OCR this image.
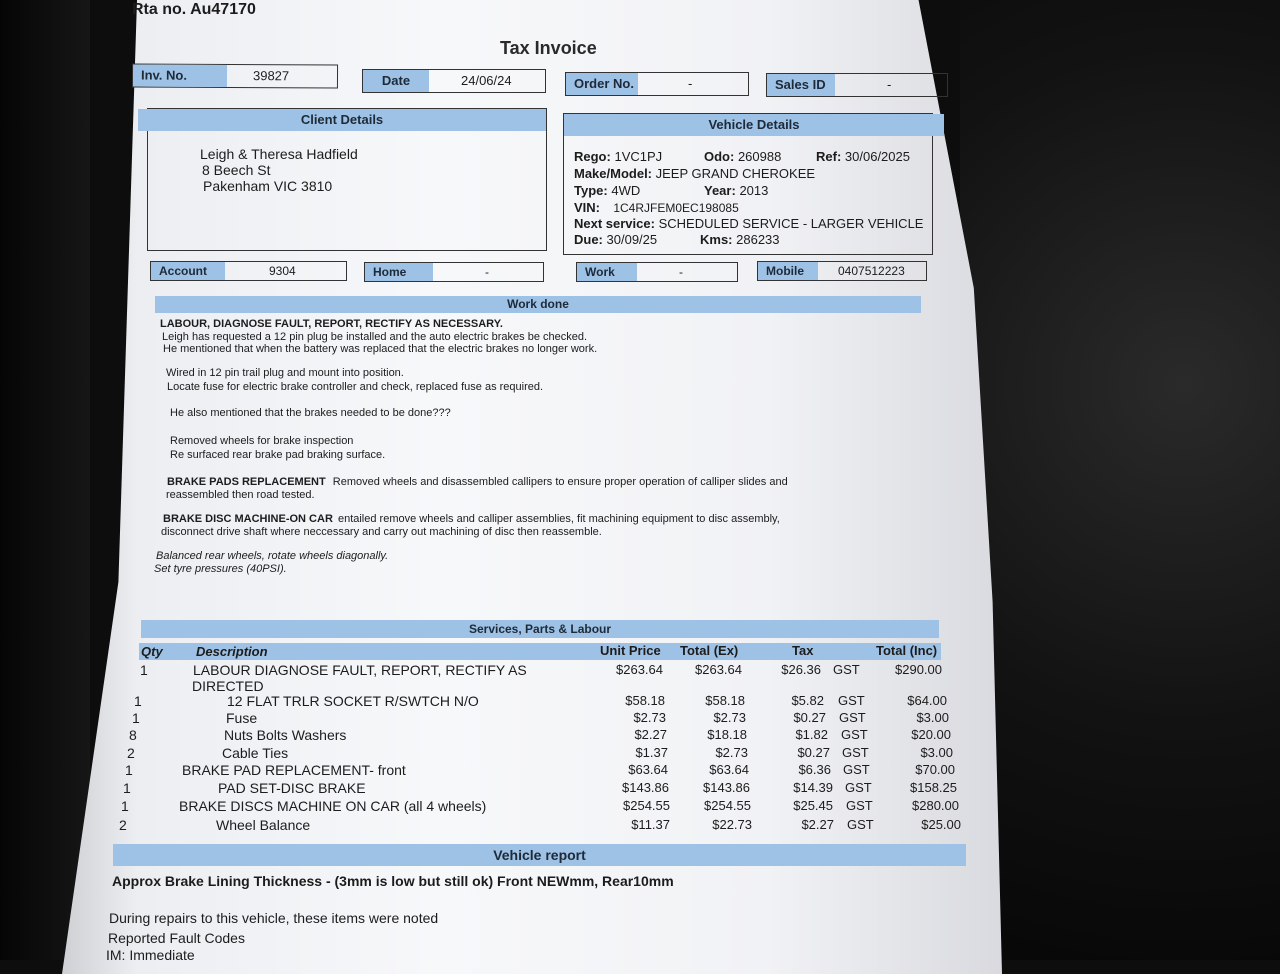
Rta no. Au47170
Tax Invoice
Inv. No.	39827	Date	24/06/24	Order No.	-	Sales ID	-
Client Details
Leigh & Theresa Hadfield
8 Beech St
Pakenham VIC 3810
Vehicle Details
Rego: 1VC1PJ	Odo: 260988	Ref: 30/06/2025
Make/Model: JEEP GRAND CHEROKEE
Type: 4WD	Year: 2013
VIN: 1C4RJFEM0EC198085
Next service: SCHEDULED SERVICE - LARGER VEHICLE
Due: 30/09/25	Kms: 286233
Account	9304	Home	-	Work	-	Mobile	0407512223
Work done
LABOUR, DIAGNOSE FAULT, REPORT, RECTIFY AS NECESSARY.
Leigh has requested a 12 pin plug be installed and the auto electric brakes be checked.
He mentioned that when the battery was replaced that the electric brakes no longer work.
Wired in 12 pin trail plug and mount into position.
Locate fuse for electric brake controller and check, replaced fuse as required.
He also mentioned that the brakes needed to be done???
Removed wheels for brake inspection
Re surfaced rear brake pad braking surface.
BRAKE PADS REPLACEMENT Removed wheels and disassembled callipers to ensure proper operation of calliper slides and
reassembled then road tested.
BRAKE DISC MACHINE-ON CAR entailed remove wheels and calliper assemblies, fit machining equipment to disc assembly,
disconnect drive shaft where neccessary and carry out machining of disc then reassemble.
Balanced rear wheels, rotate wheels diagonally.
Set tyre pressures (40PSI).
Services, Parts & Labour
Qty	Description	Unit Price Total (Ex)	Tax	Total (Inc)
1	LABOUR DIAGNOSE FAULT, REPORT, RECTIFY AS	$263.64 $263.64	$26.36 GST	$290.00
DIRECTED
1	12 FLAT TRLR SOCKET R/SWTCH N/O	$58.18	$58.18	$5.82 GST	$64.00
1	Fuse	$2.73	$2.73	$0.27 GST	$3.00
8	Nuts Bolts Washers	$2.27	$18.18	$1.82 GST	$20.00
2	Cable Ties	$1.37	$2.73	$0.27 GST	$3.00
1	BRAKE PAD REPLACEMENT- front	$63.64	$63.64	$6.36 GST	$70.00
1	PAD SET-DISC BRAKE	$143.86	$143.86	$14.39 GST	$158.25
1	BRAKE DISCS MACHINE ON CAR (all 4 wheels)	$254.55	$254.55	$25.45 GST	$280.00
2	Wheel Balance	$11.37	$22.73	$2.27 GST	$25.00
Vehicle report
Approx Brake Lining Thickness - (3mm is low but still ok) Front NEWmm, Rear10mm
During repairs to this vehicle, these items were noted
Reported Fault Codes
IM: Immediate
